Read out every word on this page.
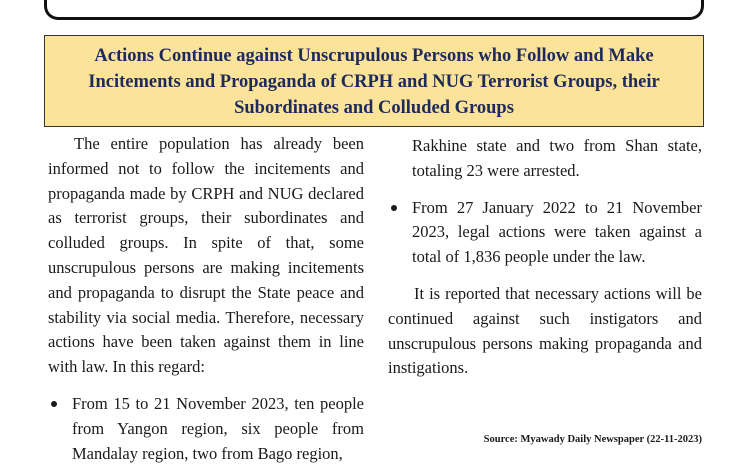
Actions Continue against Unscrupulous Persons who Follow and Make
Incitements and Propaganda of CRPH and NUG Terrorist Groups, their
Subordinates and Colluded Groups

The entire population has already been informed not to follow the incitements and propaganda made by CRPH and NUG declared as terrorist groups, their subordinates and colluded groups. In spite of that, some unscrupulous persons are making incitements and propaganda to disrupt the State peace and stability via social media. Therefore, necessary actions have been taken against them in line with law. In this regard:

From 15 to 21 November 2023, ten people from Yangon region, six people from Mandalay region, two from Bago region,

Rakhine state and two from Shan state, totaling 23 were arrested.

From 27 January 2022 to 21 November 2023, legal actions were taken against a total of 1,836 people under the law.

It is reported that necessary actions will be continued against such instigators and unscrupulous persons making propaganda and instigations.

Source: Myawady Daily Newspaper (22-11-2023)
